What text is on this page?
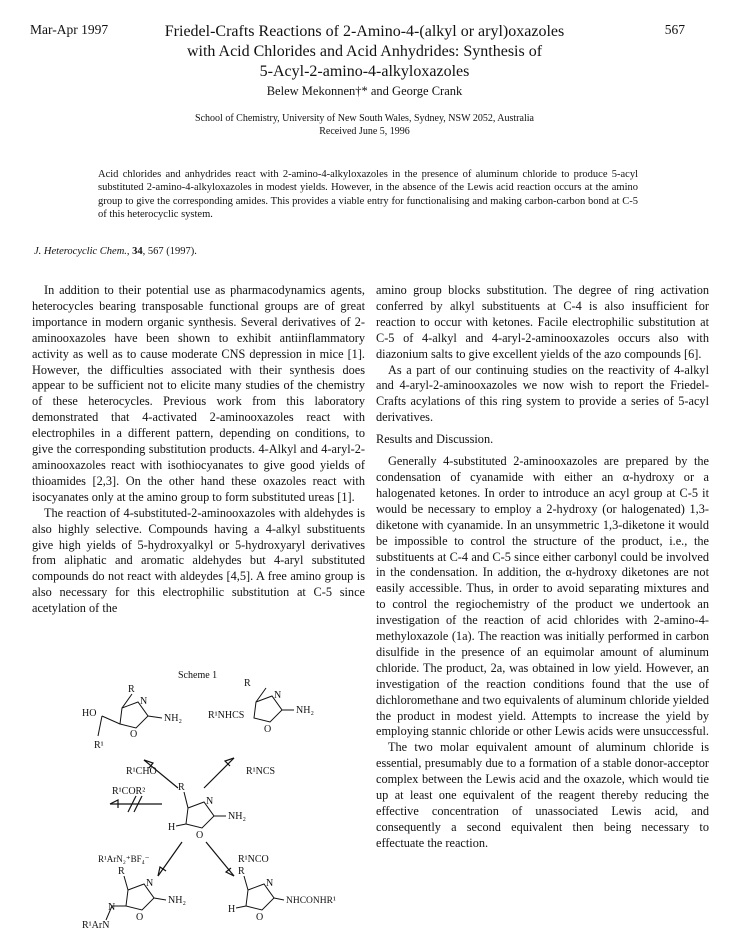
Mar-Apr 1997	567
Friedel-Crafts Reactions of 2-Amino-4-(alkyl or aryl)oxazoles
with Acid Chlorides and Acid Anhydrides: Synthesis of
5-Acyl-2-amino-4-alkyloxazoles
Belew Mekonnen†* and George Crank
School of Chemistry, University of New South Wales, Sydney, NSW 2052, Australia
Received June 5, 1996
Acid chlorides and anhydrides react with 2-amino-4-alkyloxazoles in the presence of aluminum chloride to produce 5-acyl substituted 2-amino-4-alkyloxazoles in modest yields. However, in the absence of the Lewis acid reaction occurs at the amino group to give the corresponding amides. This provides a viable entry for functionalising and making carbon-carbon bond at C-5 of this heterocyclic system.
J. Heterocyclic Chem., 34, 567 (1997).

In addition to their potential use as pharmacodynamics agents, heterocycles bearing transposable functional groups are of great importance in modern organic synthesis. Several derivatives of 2-aminooxazoles have been shown to exhibit antiinflammatory activity as well as to cause moderate CNS depression in mice [1]. However, the difficulties associated with their synthesis does appear to be sufficient not to elicite many studies of the chemistry of these heterocycles. Previous work from this laboratory demonstrated that 4-activated 2-aminooxazoles react with electrophiles in a different pattern, depending on conditions, to give the corresponding substitution products. 4-Alkyl and 4-aryl-2-aminooxazoles react with isothiocyanates to give good yields of thioamides [2,3]. On the other hand these oxazoles react with isocyanates only at the amino group to form substituted ureas [1].

The reaction of 4-substituted-2-aminooxazoles with aldehydes is also highly selective. Compounds having a 4-alkyl substituents give high yields of 5-hydroxyalkyl or 5-hydroxyaryl derivatives from aliphatic and aromatic aldehydes but 4-aryl substituted compounds do not react with aldeydes [4,5]. A free amino group is also necessary for this electrophilic substitution at C-5 since acetylation of the

Scheme 1
R
N
O
HO
R¹
NH₂
R
N
O
R¹NHCS	NH₂
R¹CHO	R¹NCS
R¹COR²	R
N
O
H
NH₂
R¹ArN₂⁺BF₄⁻	R¹NCO
R
N
O
N
R¹ArN
NH₂
R
N
O
H
NHCONHR¹

amino group blocks substitution. The degree of ring activation conferred by alkyl substituents at C-4 is also insufficient for reaction to occur with ketones. Facile electrophilic substitution at C-5 of 4-alkyl and 4-aryl-2-aminooxazoles occurs also with diazonium salts to give excellent yields of the azo compounds [6].

As a part of our continuing studies on the reactivity of 4-alkyl and 4-aryl-2-aminooxazoles we now wish to report the Friedel-Crafts acylations of this ring system to provide a series of 5-acyl derivatives.

Results and Discussion.

Generally 4-substituted 2-aminooxazoles are prepared by the condensation of cyanamide with either an α-hydroxy or a halogenated ketones. In order to introduce an acyl group at C-5 it would be necessary to employ a 2-hydroxy (or halogenated) 1,3-diketone with cyanamide. In an unsymmetric 1,3-diketone it would be impossible to control the structure of the product, i.e., the substituents at C-4 and C-5 since either carbonyl could be involved in the condensation. In addition, the α-hydroxy diketones are not easily accessible. Thus, in order to avoid separating mixtures and to control the regiochemistry of the product we undertook an investigation of the reaction of acid chlorides with 2-amino-4-methyloxazole (1a). The reaction was initially performed in carbon disulfide in the presence of an equimolar amount of aluminum chloride. The product, 2a, was obtained in low yield. However, an investigation of the reaction conditions found that the use of dichloromethane and two equivalents of aluminum chloride yielded the product in modest yield. Attempts to increase the yield by employing stannic chloride or other Lewis acids were unsuccessful.

The two molar equivalent amount of aluminum chloride is essential, presumably due to a formation of a stable donor-acceptor complex between the Lewis acid and the oxazole, which would tie up at least one equivalent of the reagent thereby reducing the effective concentration of unassociated Lewis acid, and consequently a second equivalent then being necessary to effectuate the reaction.
